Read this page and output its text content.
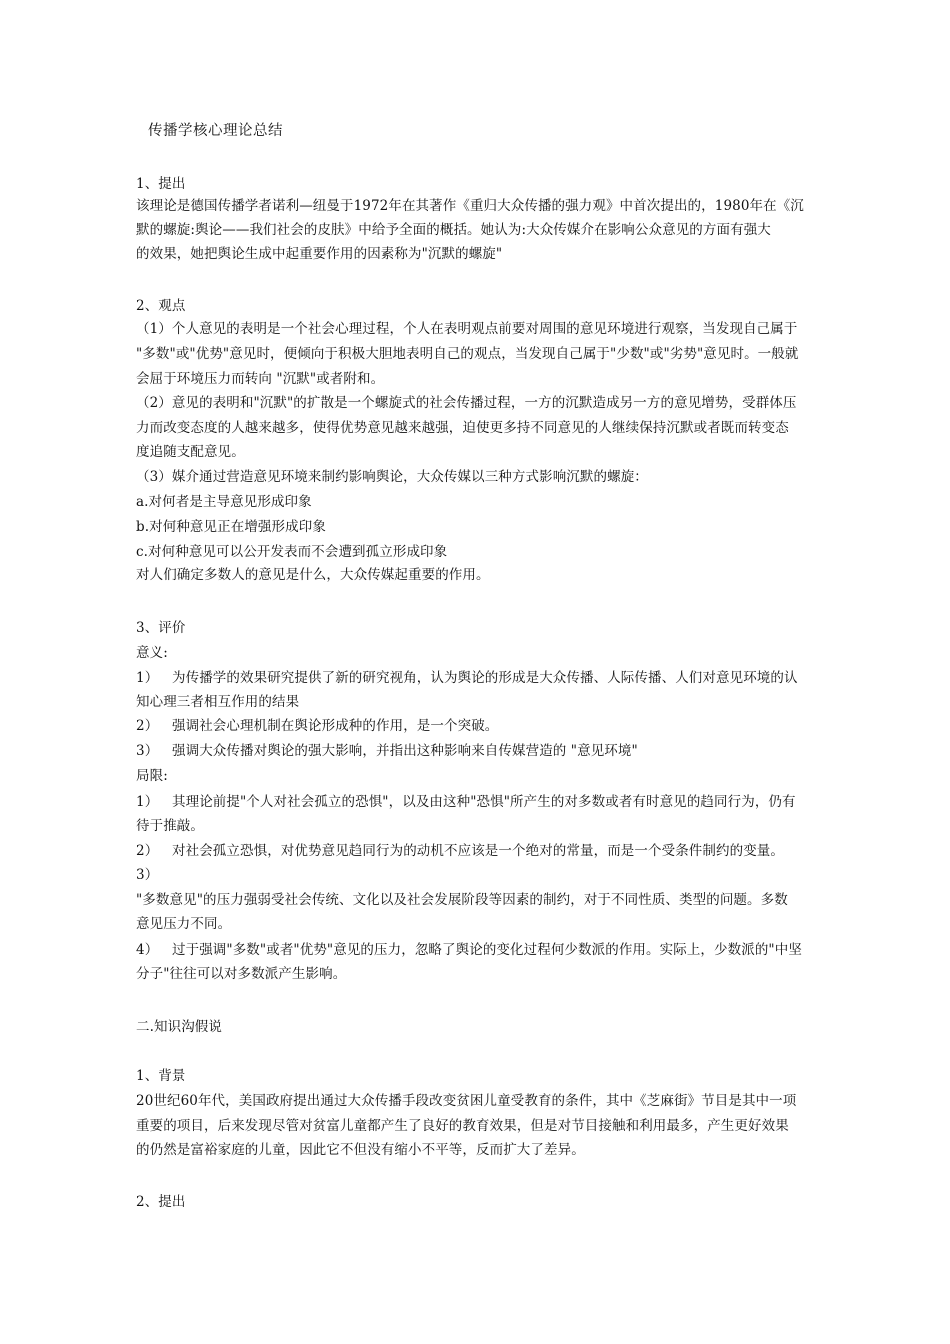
传播学核心理论总结
1、提出
该理论是德国传播学者诺利—纽曼于1972年在其著作《重归大众传播的强力观》中首次提出的，1980年在《沉
默的螺旋:舆论——我们社会的皮肤》中给予全面的概括。她认为:大众传媒介在影响公众意见的方面有强大
的效果，她把舆论生成中起重要作用的因素称为"沉默的螺旋"
2、观点
（1）个人意见的表明是一个社会心理过程，个人在表明观点前要对周围的意见环境进行观察，当发现自己属于
"多数"或"优势"意见时，便倾向于积极大胆地表明自己的观点，当发现自己属于"少数"或"劣势"意见时。一般就
会屈于环境压力而转向 "沉默"或者附和。
（2）意见的表明和"沉默"的扩散是一个螺旋式的社会传播过程，一方的沉默造成另一方的意见增势，受群体压
力而改变态度的人越来越多，使得优势意见越来越强，迫使更多持不同意见的人继续保持沉默或者既而转变态
度追随支配意见。
（3）媒介通过营造意见环境来制约影响舆论，大众传媒以三种方式影响沉默的螺旋：
a.对何者是主导意见形成印象
b.对何种意见正在增强形成印象
c.对何种意见可以公开发表而不会遭到孤立形成印象
对人们确定多数人的意见是什么，大众传媒起重要的作用。
3、评价
意义:
1） 为传播学的效果研究提供了新的研究视角，认为舆论的形成是大众传播、人际传播、人们对意见环境的认
知心理三者相互作用的结果
2） 强调社会心理机制在舆论形成种的作用，是一个突破。
3） 强调大众传播对舆论的强大影响，并指出这种影响来自传媒营造的 "意见环境"
局限:
1） 其理论前提"个人对社会孤立的恐惧"，以及由这种"恐惧"所产生的对多数或者有时意见的趋同行为，仍有
待于推敲。
2） 对社会孤立恐惧，对优势意见趋同行为的动机不应该是一个绝对的常量，而是一个受条件制约的变量。
3）
"多数意见"的压力强弱受社会传统、文化以及社会发展阶段等因素的制约，对于不同性质、类型的问题。多数
意见压力不同。
4） 过于强调"多数"或者"优势"意见的压力，忽略了舆论的变化过程何少数派的作用。实际上，少数派的"中坚
分子"往往可以对多数派产生影响。
二.知识沟假说
1、背景
20世纪60年代，美国政府提出通过大众传播手段改变贫困儿童受教育的条件，其中《芝麻街》节目是其中一项
重要的项目，后来发现尽管对贫富儿童都产生了良好的教育效果，但是对节目接触和利用最多，产生更好效果
的仍然是富裕家庭的儿童，因此它不但没有缩小不平等，反而扩大了差异。
2、提出
